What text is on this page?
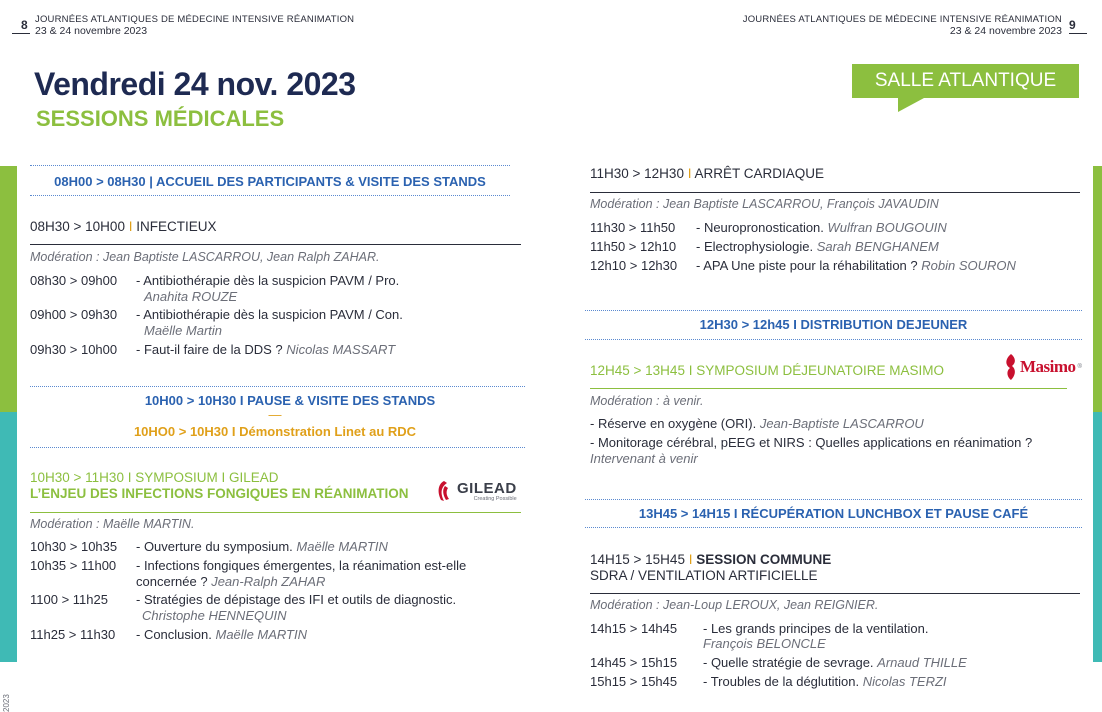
8 JOURNÉES ATLANTIQUES DE MÉDECINE INTENSIVE RÉANIMATION
23 & 24 novembre 2023
JOURNÉES ATLANTIQUES DE MÉDECINE INTENSIVE RÉANIMATION
23 & 24 novembre 2023 9
Vendredi 24 nov. 2023
SESSIONS MÉDICALES
SALLE ATLANTIQUE
2023
08H00 > 08H30 | ACCUEIL DES PARTICIPANTS & VISITE DES STANDS
08H30 > 10H00 I INFECTIEUX
Modération : Jean Baptiste LASCARROU, Jean Ralph ZAHAR.
08h30 > 09h00 - Antibiothérapie dès la suspicion PAVM / Pro.
Anahita ROUZE
09h00 > 09h30 - Antibiothérapie dès la suspicion PAVM / Con.
Maëlle Martin
09h30 > 10h00 - Faut-il faire de la DDS ? Nicolas MASSART
10H00 > 10H30 I PAUSE & VISITE DES STANDS
—
10HO0 > 10H30 I Démonstration Linet au RDC
10H30 > 11H30 I SYMPOSIUM I GILEAD
L’ENJEU DES INFECTIONS FONGIQUES EN RÉANIMATION	GILEAD
Creating Possible
Modération : Maëlle MARTIN.
10h30 > 10h35 - Ouverture du symposium. Maëlle MARTIN
10h35 > 11h00 - Infections fongiques émergentes, la réanimation est-elle concernée ? Jean-Ralph ZAHAR
1100 > 11h25 - Stratégies de dépistage des IFI et outils de diagnostic.
Christophe HENNEQUIN
11h25 > 11h30 - Conclusion. Maëlle MARTIN
11H30 > 12H30 I ARRÊT CARDIAQUE
Modération : Jean Baptiste LASCARROU, François JAVAUDIN
11h30 > 11h50 - Neuropronostication. Wulfran BOUGOUIN
11h50 > 12h10 - Electrophysiologie. Sarah BENGHANEM
12h10 > 12h30 - APA Une piste pour la réhabilitation ? Robin SOURON
12H30 > 12h45 I DISTRIBUTION DEJEUNER
12H45 > 13H45 I SYMPOSIUM DÉJEUNATOIRE MASIMO	Masimo ®
Modération : à venir.
- Réserve en oxygène (ORI). Jean-Baptiste LASCARROU
- Monitorage cérébral, pEEG et NIRS : Quelles applications en réanimation ?
Intervenant à venir
13H45 > 14H15 I RÉCUPÉRATION LUNCHBOX ET PAUSE CAFÉ
14H15 > 15H45 I SESSION COMMUNE
SDRA / VENTILATION ARTIFICIELLE
Modération : Jean-Loup LEROUX, Jean REIGNIER.
14h15 > 14h45 - Les grands principes de la ventilation.
François BELONCLE
14h45 > 15h15 - Quelle stratégie de sevrage. Arnaud THILLE
15h15 > 15h45 - Troubles de la déglutition. Nicolas TERZI
